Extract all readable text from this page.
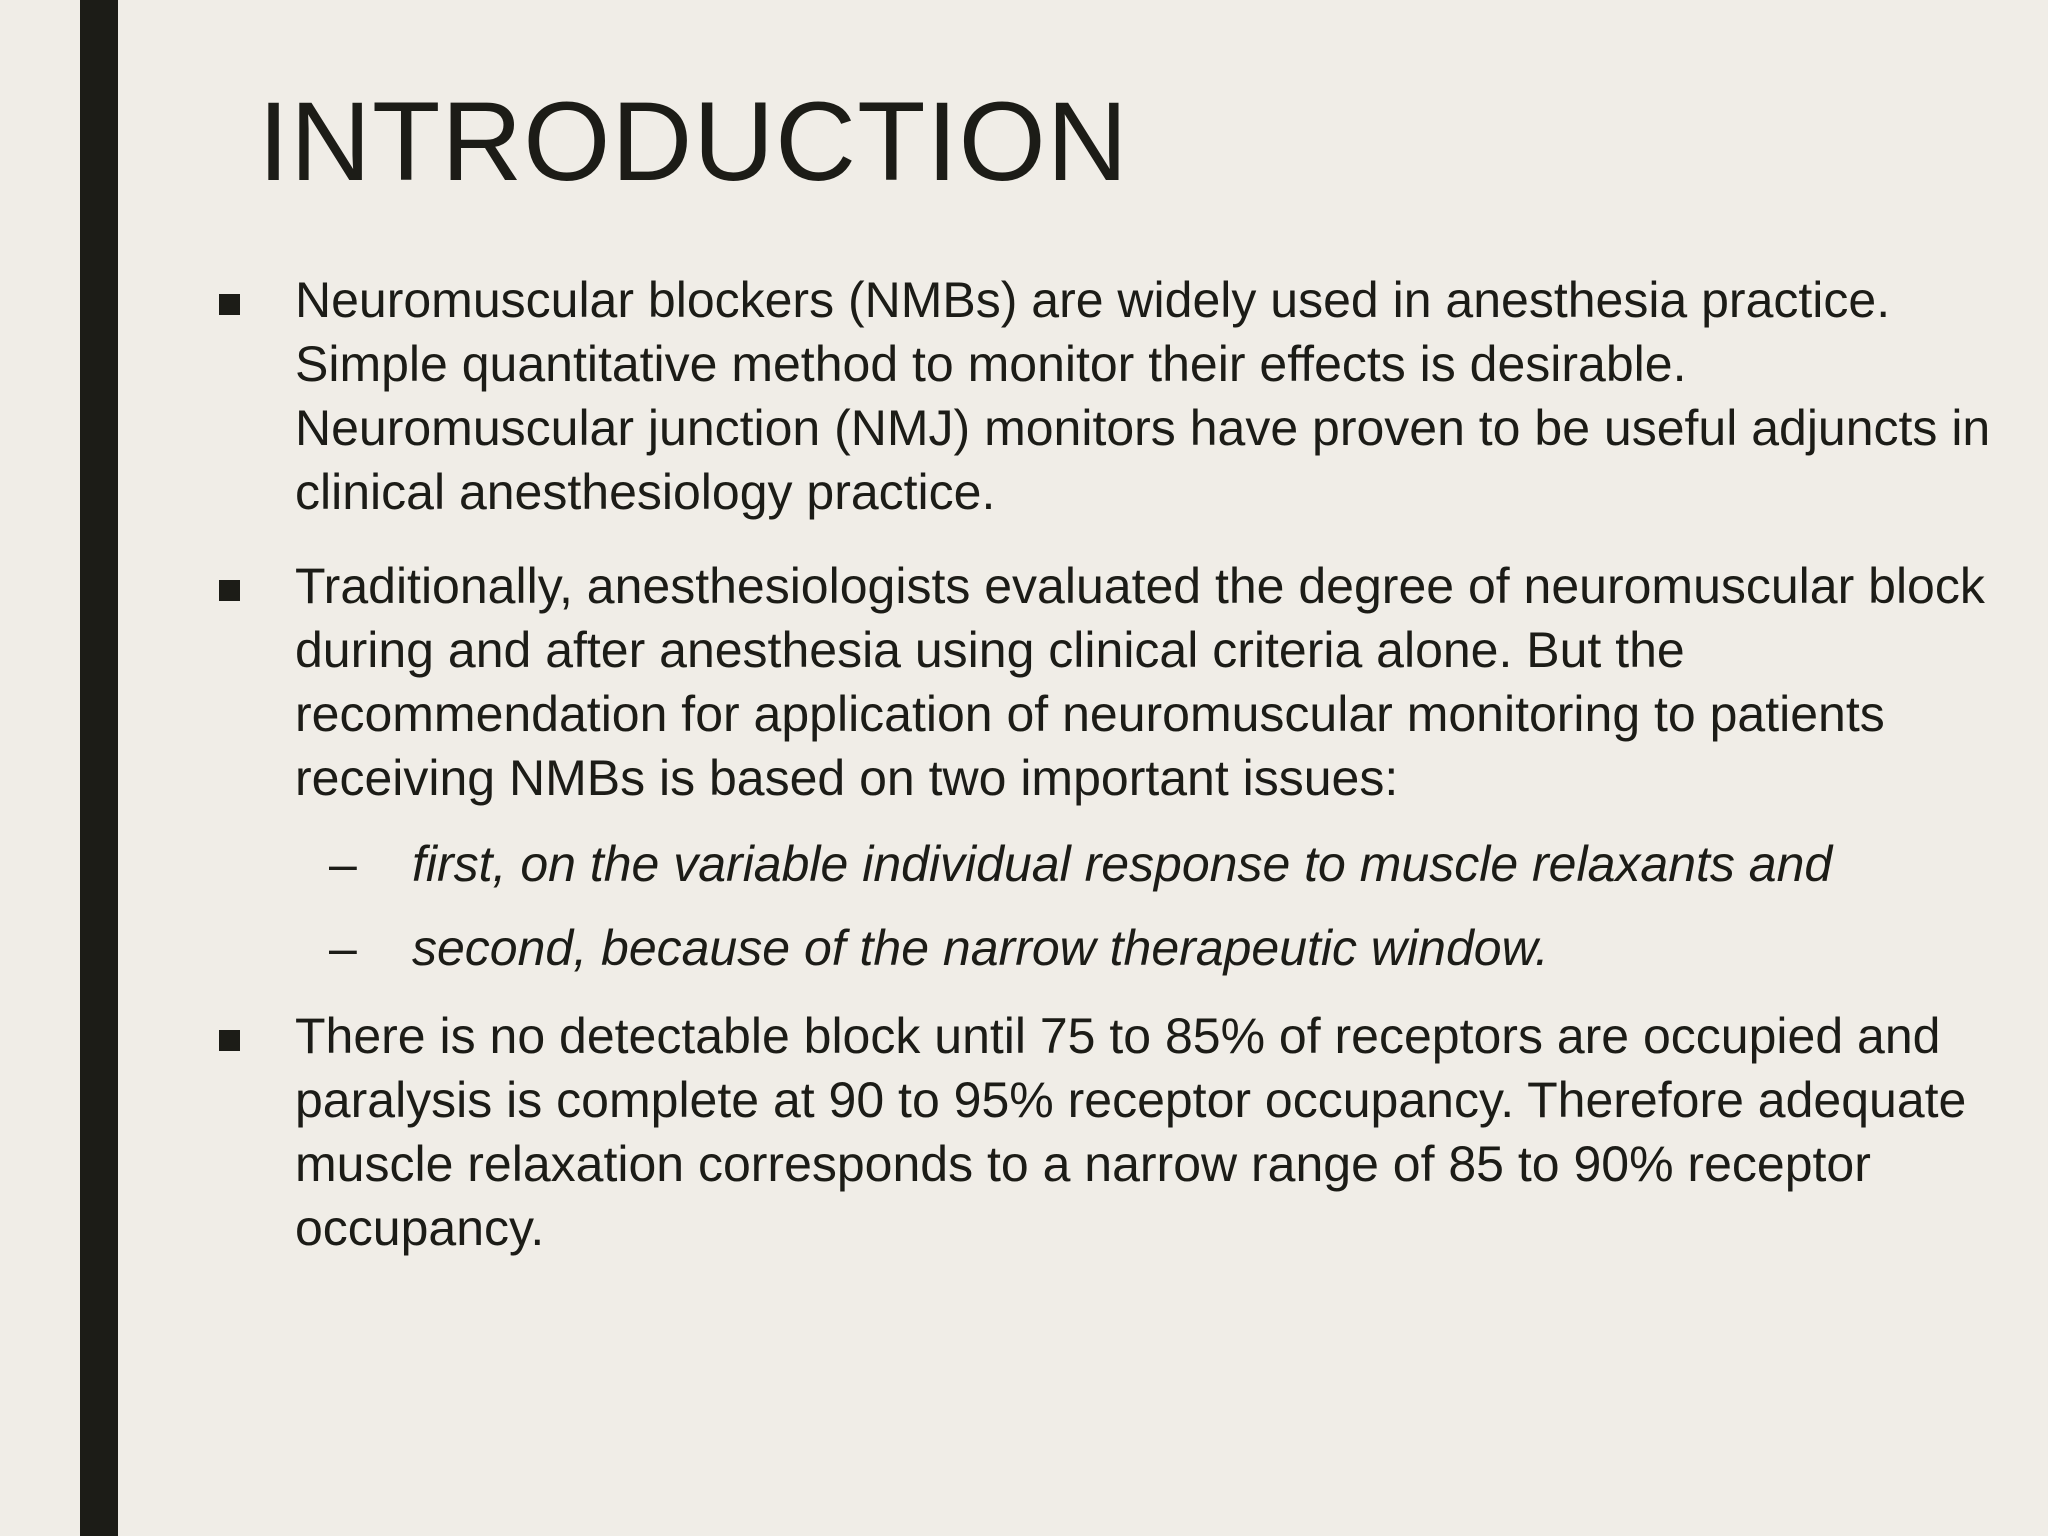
INTRODUCTION
Neuromuscular blockers (NMBs) are widely used in anesthesia practice. Simple quantitative method to monitor their effects is desirable. Neuromuscular junction (NMJ) monitors have proven to be useful adjuncts in clinical anesthesiology practice.
Traditionally, anesthesiologists evaluated the degree of neuromuscular block during and after anesthesia using clinical criteria alone. But the recommendation for application of neuromuscular monitoring to patients receiving NMBs is based on two important issues:
– first, on the variable individual response to muscle relaxants and
– second, because of the narrow therapeutic window.
There is no detectable block until 75 to 85% of receptors are occupied and paralysis is complete at 90 to 95% receptor occupancy. Therefore adequate muscle relaxation corresponds to a narrow range of 85 to 90% receptor occupancy.
